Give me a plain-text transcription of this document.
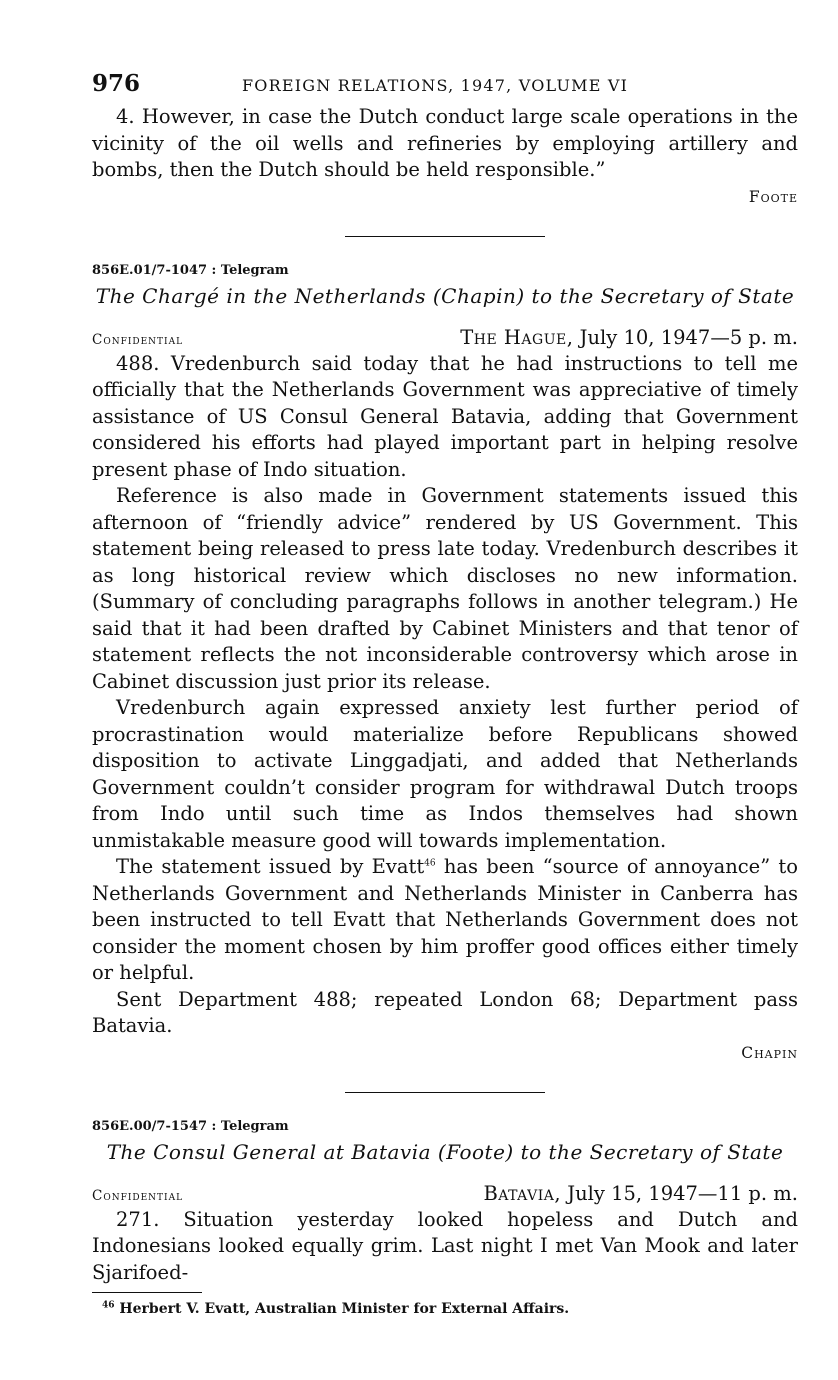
976	FOREIGN RELATIONS, 1947, VOLUME VI

4. However, in case the Dutch conduct large scale operations in the vicinity of the oil wells and refineries by employing artillery and bombs, then the Dutch should be held responsible.”

Foote
856E.01/7-1047 : Telegram
The Chargé in the Netherlands (Chapin) to the Secretary of State
Confidential	The Hague, July 10, 1947—5 p. m.

488. Vredenburch said today that he had instructions to tell me officially that the Netherlands Government was appreciative of timely assistance of US Consul General Batavia, adding that Government considered his efforts had played important part in helping resolve present phase of Indo situation.

Reference is also made in Government statements issued this afternoon of “friendly advice” rendered by US Government. This statement being released to press late today. Vredenburch describes it as long historical review which discloses no new information. (Summary of concluding paragraphs follows in another telegram.) He said that it had been drafted by Cabinet Ministers and that tenor of statement reflects the not inconsiderable controversy which arose in Cabinet discussion just prior its release.

Vredenburch again expressed anxiety lest further period of procrastination would materialize before Republicans showed disposition to activate Linggadjati, and added that Netherlands Government couldn’t consider program for withdrawal Dutch troops from Indo until such time as Indos themselves had shown unmistakable measure good will towards implementation.

The statement issued by Evatt$^{46}$ has been “source of annoyance” to Netherlands Government and Netherlands Minister in Canberra has been instructed to tell Evatt that Netherlands Government does not consider the moment chosen by him proffer good offices either timely or helpful.

Sent Department 488; repeated London 68; Department pass Batavia.

Chapin
856E.00/7-1547 : Telegram
The Consul General at Batavia (Foote) to the Secretary of State
Confidential	Batavia, July 15, 1947—11 p. m.

271. Situation yesterday looked hopeless and Dutch and Indonesians looked equally grim. Last night I met Van Mook and later Sjarifoed-

$^{46}$ Herbert V. Evatt, Australian Minister for External Affairs.
